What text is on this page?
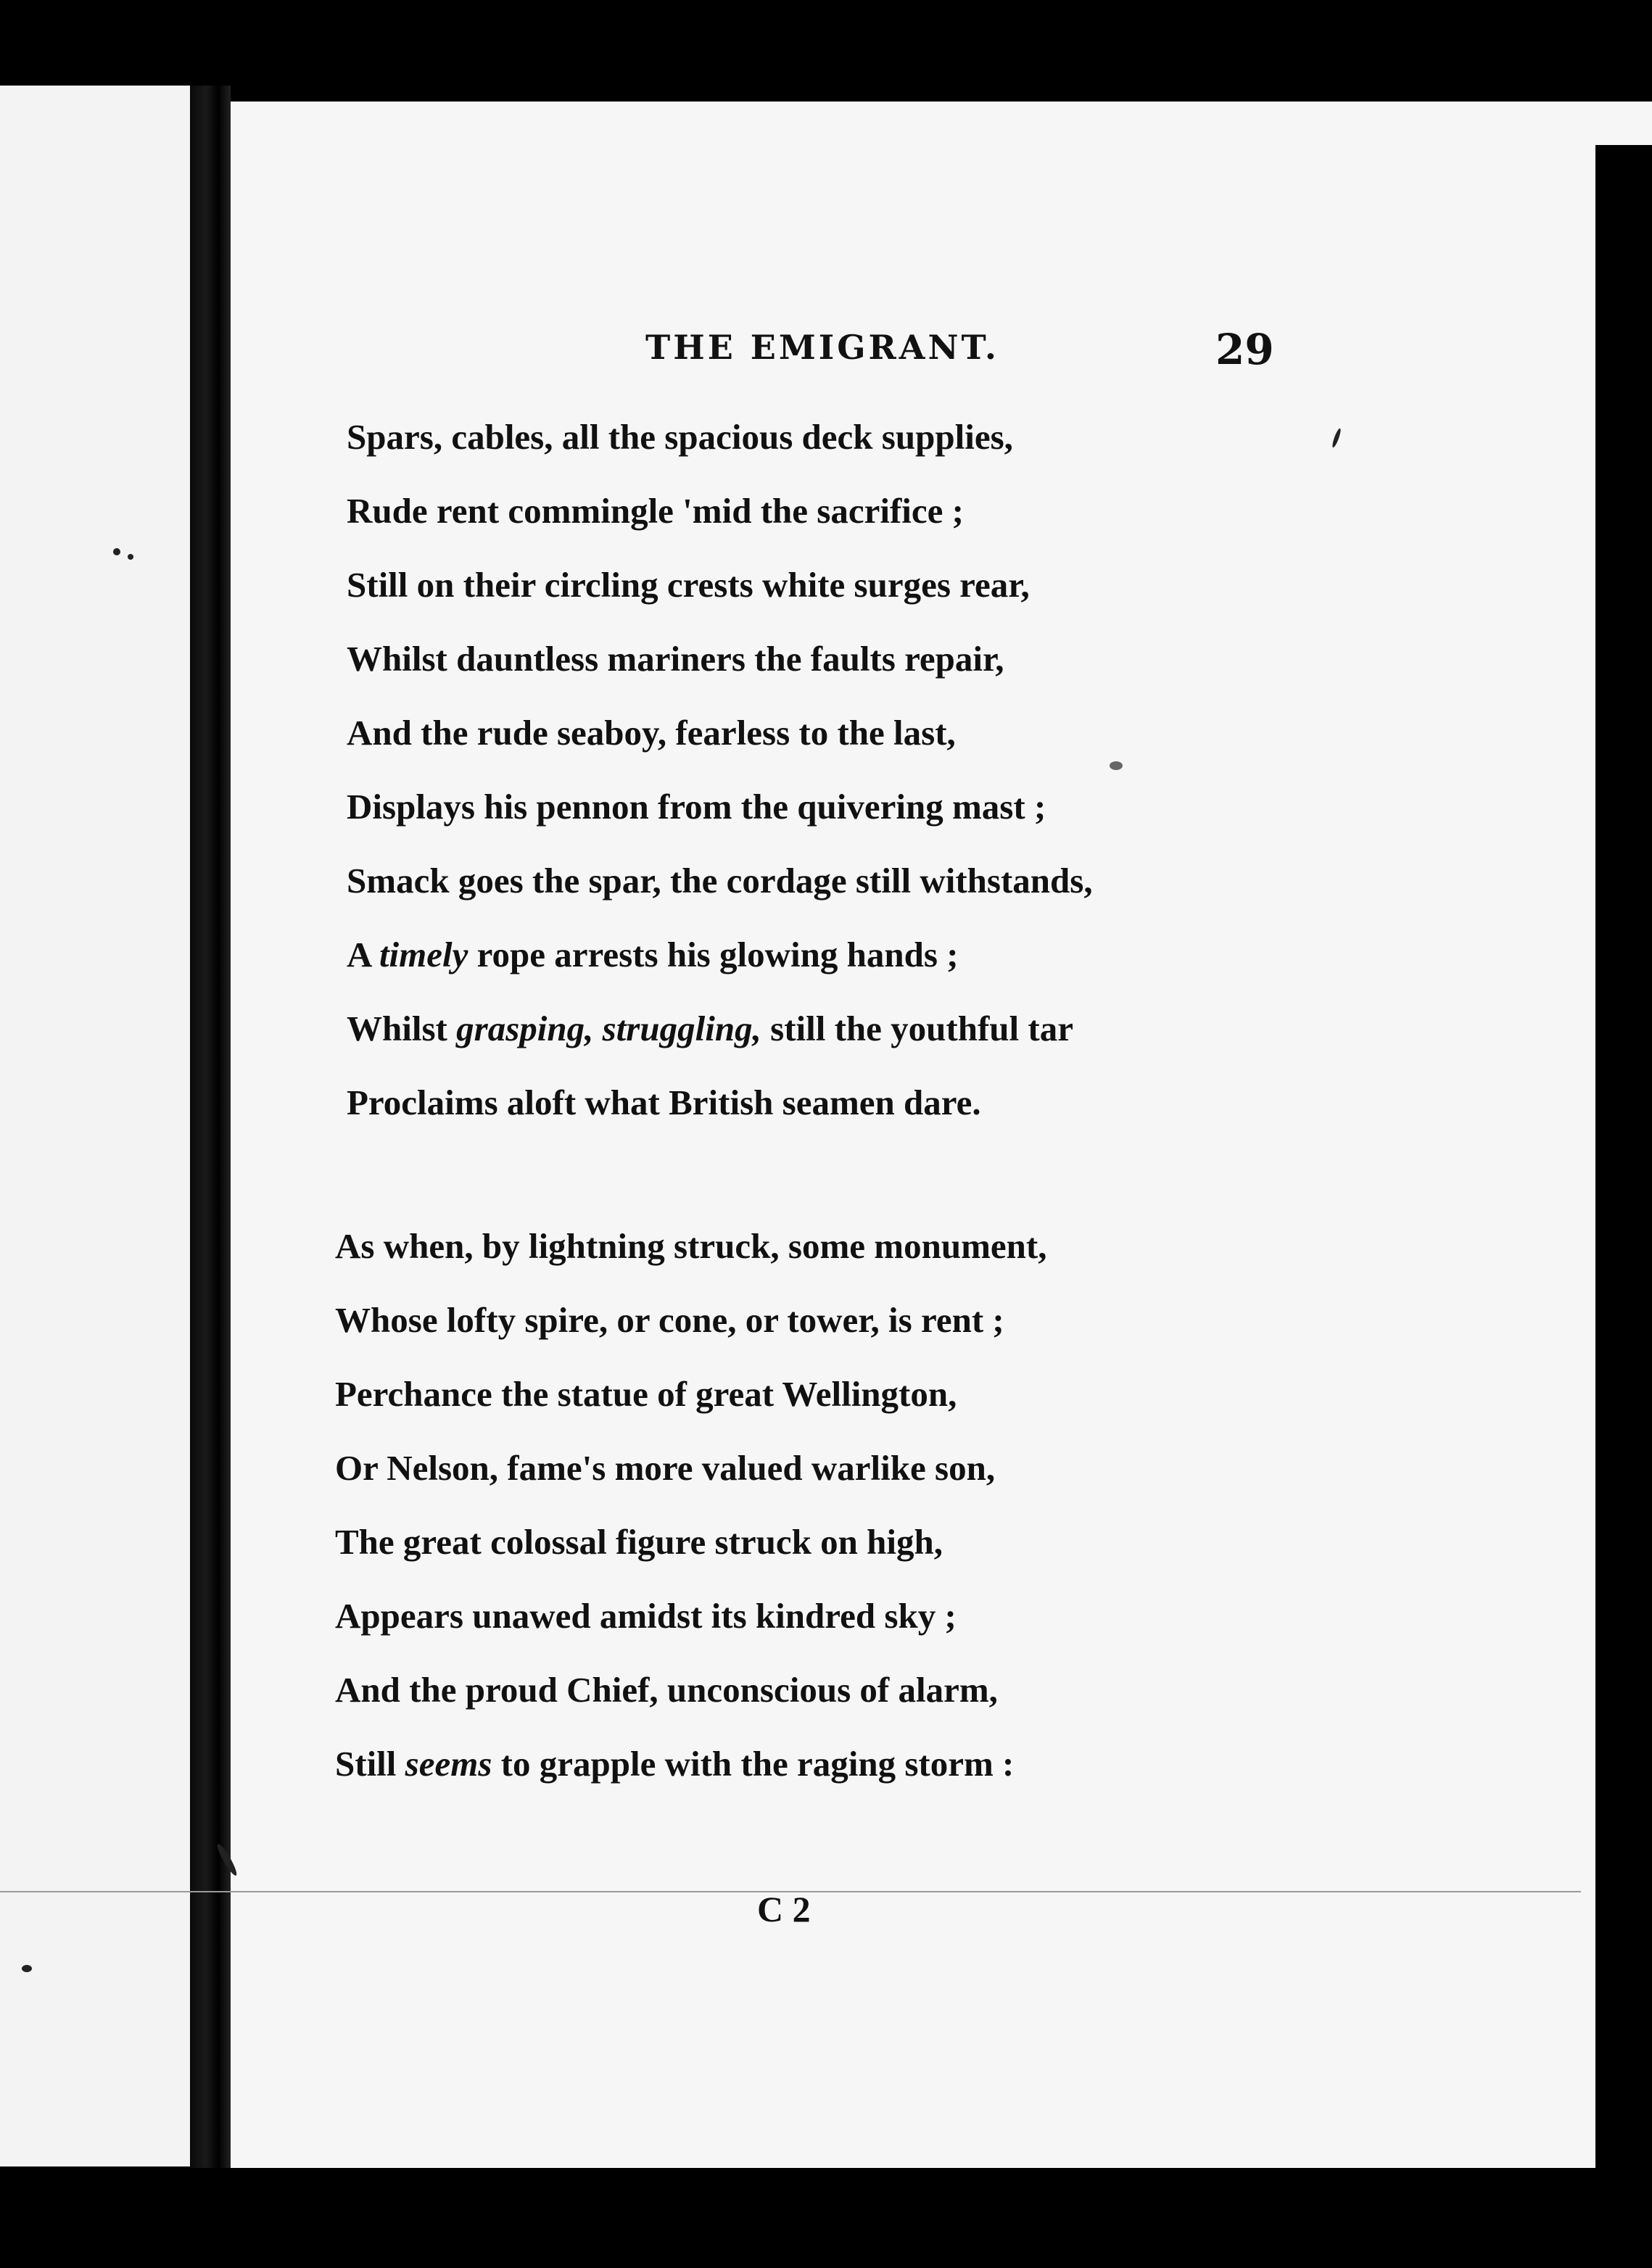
THE EMIGRANT.	29
Spars, cables, all the spacious deck supplies,
Rude rent commingle 'mid the sacrifice ;
Still on their circling crests white surges rear,
Whilst dauntless mariners the faults repair,
And the rude seaboy, fearless to the last,
Displays his pennon from the quivering mast ;
Smack goes the spar, the cordage still withstands,
A timely rope arrests his glowing hands ;
Whilst grasping, struggling, still the youthful tar
Proclaims aloft what British seamen dare.
As when, by lightning struck, some monument,
Whose lofty spire, or cone, or tower, is rent ;
Perchance the statue of great Wellington,
Or Nelson, fame's more valued warlike son,
The great colossal figure struck on high,
Appears unawed amidst its kindred sky ;
And the proud Chief, unconscious of alarm,
Still seems to grapple with the raging storm :
C 2
